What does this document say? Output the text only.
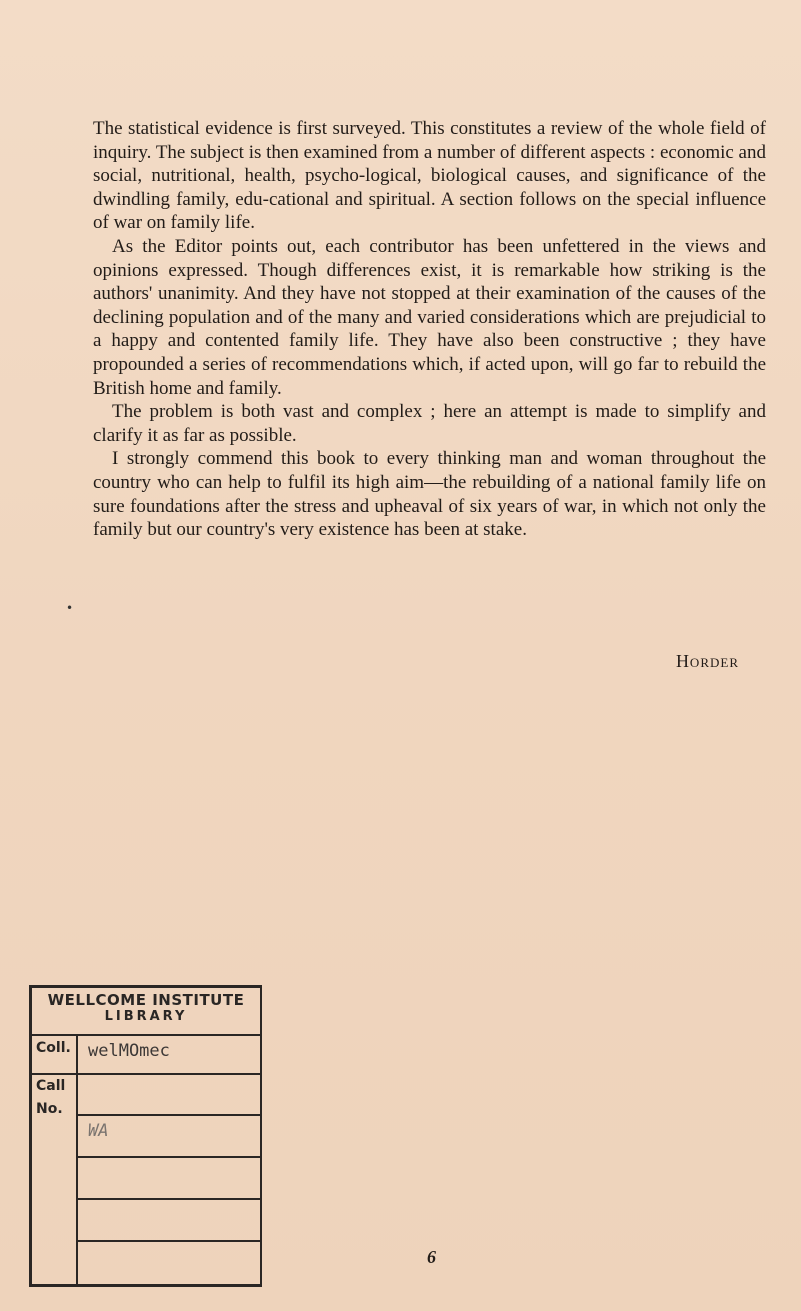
The statistical evidence is first surveyed. This constitutes a review of the whole field of inquiry. The subject is then examined from a number of different aspects : economic and social, nutritional, health, psycho-logical, biological causes, and significance of the dwindling family, edu-cational and spiritual. A section follows on the special influence of war on family life.

As the Editor points out, each contributor has been unfettered in the views and opinions expressed. Though differences exist, it is remarkable how striking is the authors' unanimity. And they have not stopped at their examination of the causes of the declining population and of the many and varied considerations which are prejudicial to a happy and contented family life. They have also been constructive ; they have propounded a series of recommendations which, if acted upon, will go far to rebuild the British home and family.

The problem is both vast and complex ; here an attempt is made to simplify and clarify it as far as possible.

I strongly commend this book to every thinking man and woman throughout the country who can help to fulfil its high aim—the rebuilding of a national family life on sure foundations after the stress and upheaval of six years of war, in which not only the family but our country's very existence has been at stake.

•
Horder
WELLCOME INSTITUTE
LIBRARY
Coll. welMOmec
Call
No.
WA
6
